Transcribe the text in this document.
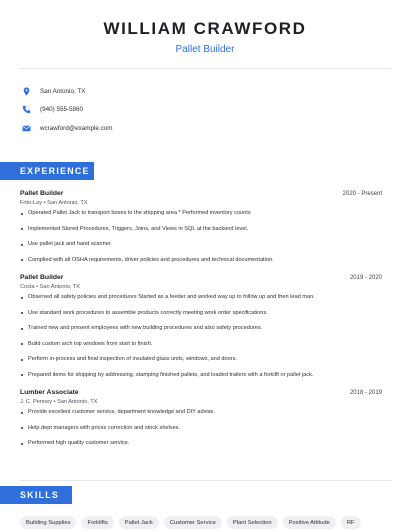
WILLIAM CRAWFORD
Pallet Builder
San Antonio, TX
(940) 555-5860
wcrawford@example.com
EXPERIENCE
Pallet Builder	2020 - Present
Frito-Lay • San Antonio, TX
Operated Pallet Jack to transport boxes to the shipping area * Performed inventory counts
Implemented Stored Procedures, Triggers, Joins, and Views in SQL at the backend level.
Use pallet jack and hand scanner.
Complied with all OSHA requirements, driver policies and procedures and technical documentation.
Pallet Builder	2019 - 2020
Costa • San Antonio, TX
Observed all safety policies and procedures Started as a feeder and worked way up to follow up and then lead man.
Use standard work procedures to assemble products correctly meeting work order specifications.
Trained new and present employees with new building procedures and also safety procedures.
Build custom arch top windows from start to finish.
Perform in-process and final inspection of insulated glass units, windows, and doors.
Prepared items for shipping by addressing, stamping finished pallets, and loaded trailers with a forklift or pallet jack.
Lumber Associate	2018 - 2019
J. C. Penney • San Antonio, TX
Provide excellent customer service, department knowledge and DIY advise.
Help dept managers with prices correction and stock shelves.
Performed high quality customer service.
SKILLS
Building Supplies	Forklifts	Pallet Jack	Customer Service	Plant Selection	Positive Attitude	RF
